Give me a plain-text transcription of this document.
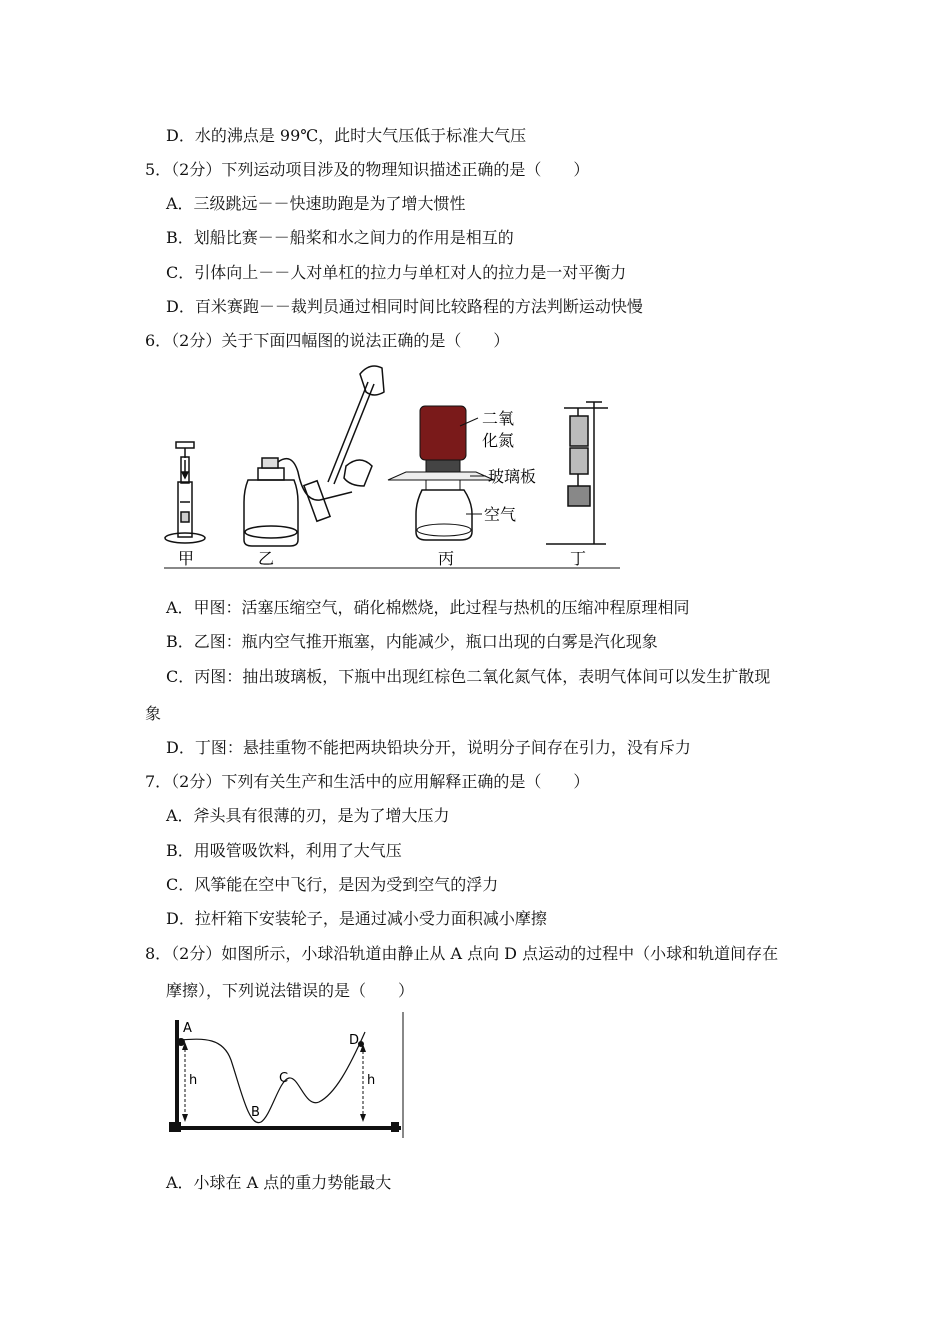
D．水的沸点是 99℃，此时大气压低于标准大气压
5．（2分）下列运动项目涉及的物理知识描述正确的是（　　）
A．三级跳远－－快速助跑是为了增大惯性
B．划船比赛－－船桨和水之间力的作用是相互的
C．引体向上－－人对单杠的拉力与单杠对人的拉力是一对平衡力
D．百米赛跑－－裁判员通过相同时间比较路程的方法判断运动快慢
6．（2分）关于下面四幅图的说法正确的是（　　）
甲	乙
二氧
化氮
玻璃板
空气
丙	丁
A．甲图：活塞压缩空气，硝化棉燃烧，此过程与热机的压缩冲程原理相同
B．乙图：瓶内空气推开瓶塞，内能减少，瓶口出现的白雾是汽化现象
C．丙图：抽出玻璃板，下瓶中出现红棕色二氧化氮气体，表明气体间可以发生扩散现
象
D．丁图：悬挂重物不能把两块铅块分开，说明分子间存在引力，没有斥力
7．（2分）下列有关生产和生活中的应用解释正确的是（　　）
A．斧头具有很薄的刃，是为了增大压力
B．用吸管吸饮料，利用了大气压
C．风筝能在空中飞行，是因为受到空气的浮力
D．拉杆箱下安装轮子，是通过减小受力面积减小摩擦
8．（2分）如图所示，小球沿轨道由静止从 A 点向 D 点运动的过程中（小球和轨道间存在
摩擦），下列说法错误的是（　　）
A
B
C
D
h	h
A．小球在 A 点的重力势能最大
